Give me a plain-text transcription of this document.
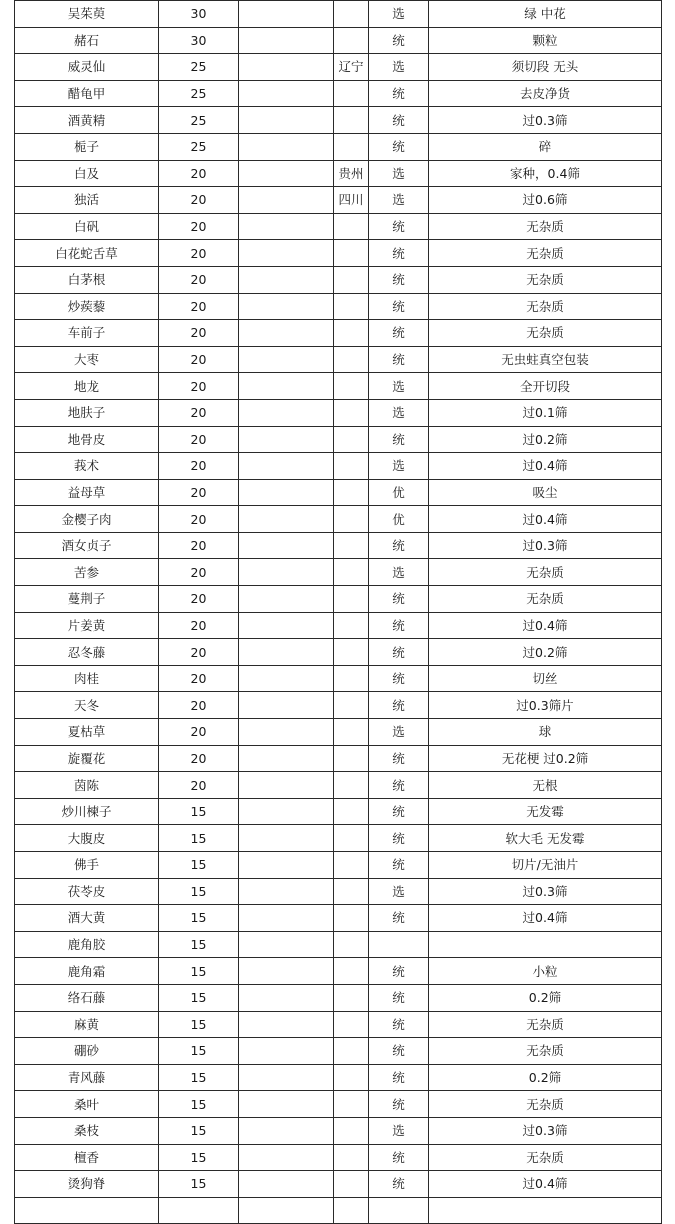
吴茱萸	30			选	绿 中花
赭石	30			统	颗粒
威灵仙	25		辽宁	选	须切段 无头
醋龟甲	25			统	去皮净货
酒黄精	25			统	过0.3筛
栀子	25			统	碎
白及	20		贵州	选	家种，0.4筛
独活	20		四川	选	过0.6筛
白矾	20			统	无杂质
白花蛇舌草	20			统	无杂质
白茅根	20			统	无杂质
炒蒺藜	20			统	无杂质
车前子	20			统	无杂质
大枣	20			统	无虫蛀真空包装
地龙	20			选	全开切段
地肤子	20			选	过0.1筛
地骨皮	20			统	过0.2筛
莪术	20			选	过0.4筛
益母草	20			优	吸尘
金樱子肉	20			优	过0.4筛
酒女贞子	20			统	过0.3筛
苦参	20			选	无杂质
蔓荆子	20			统	无杂质
片姜黄	20			统	过0.4筛
忍冬藤	20			统	过0.2筛
肉桂	20			统	切丝
天冬	20			统	过0.3筛片
夏枯草	20			选	球
旋覆花	20			统	无花梗 过0.2筛
茵陈	20			统	无根
炒川楝子	15			统	无发霉
大腹皮	15			统	软大毛 无发霉
佛手	15			统	切片/无油片
茯苓皮	15			选	过0.3筛
酒大黄	15			统	过0.4筛
鹿角胶	15				
鹿角霜	15			统	小粒
络石藤	15			统	0.2筛
麻黄	15			统	无杂质
硼砂	15			统	无杂质
青风藤	15			统	0.2筛
桑叶	15			统	无杂质
桑枝	15			选	过0.3筛
檀香	15			统	无杂质
烫狗脊	15			统	过0.4筛
